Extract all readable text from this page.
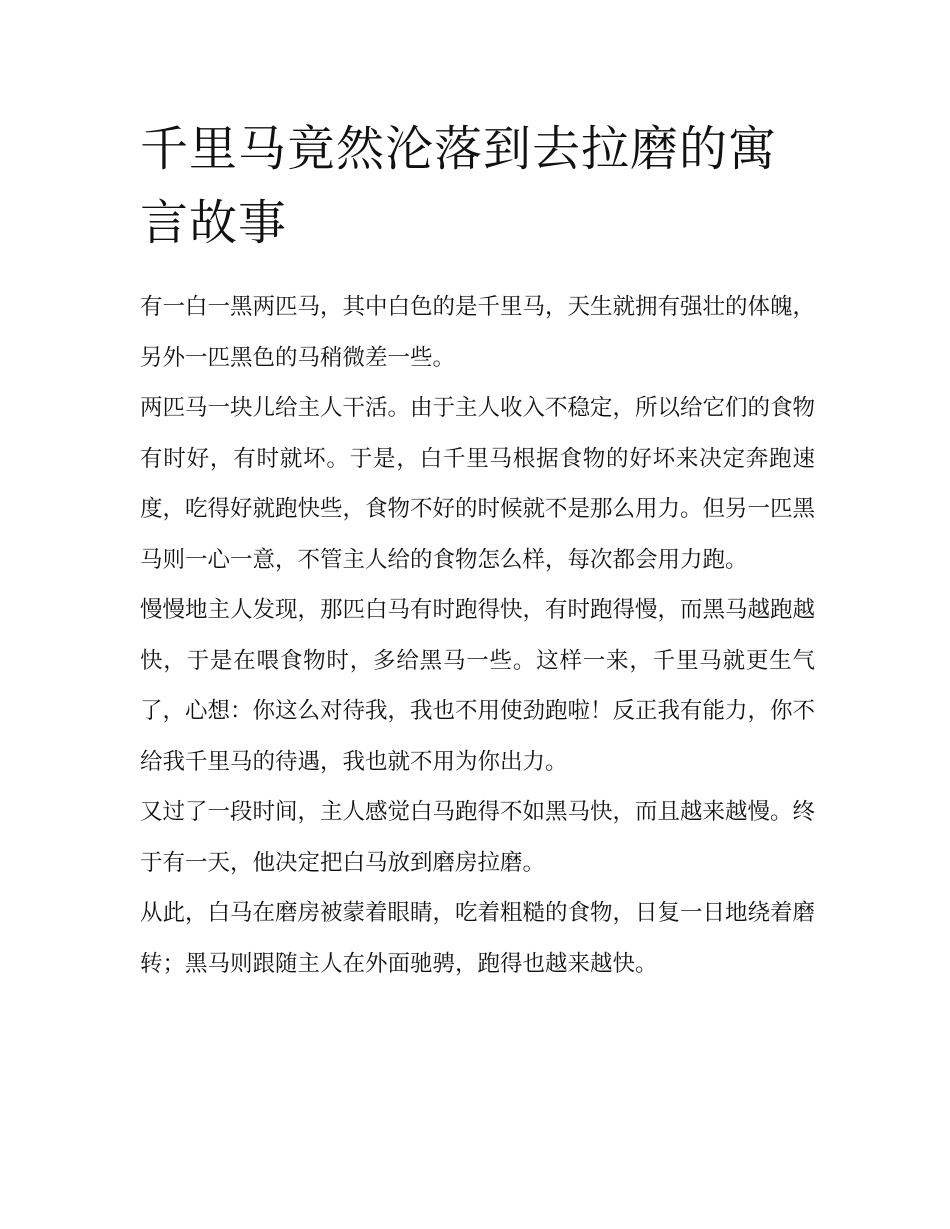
千里马竟然沦落到去拉磨的寓言故事

有一白一黑两匹马，其中白色的是千里马，天生就拥有强壮的体魄，另外一匹黑色的马稍微差一些。

两匹马一块儿给主人干活。由于主人收入不稳定，所以给它们的食物有时好，有时就坏。于是，白千里马根据食物的好坏来决定奔跑速度，吃得好就跑快些，食物不好的时候就不是那么用力。但另一匹黑马则一心一意，不管主人给的食物怎么样，每次都会用力跑。

慢慢地主人发现，那匹白马有时跑得快，有时跑得慢，而黑马越跑越快，于是在喂食物时，多给黑马一些。这样一来，千里马就更生气了，心想：你这么对待我，我也不用使劲跑啦！反正我有能力，你不给我千里马的待遇，我也就不用为你出力。

又过了一段时间，主人感觉白马跑得不如黑马快，而且越来越慢。终于有一天，他决定把白马放到磨房拉磨。

从此，白马在磨房被蒙着眼睛，吃着粗糙的食物，日复一日地绕着磨转；黑马则跟随主人在外面驰骋，跑得也越来越快。
